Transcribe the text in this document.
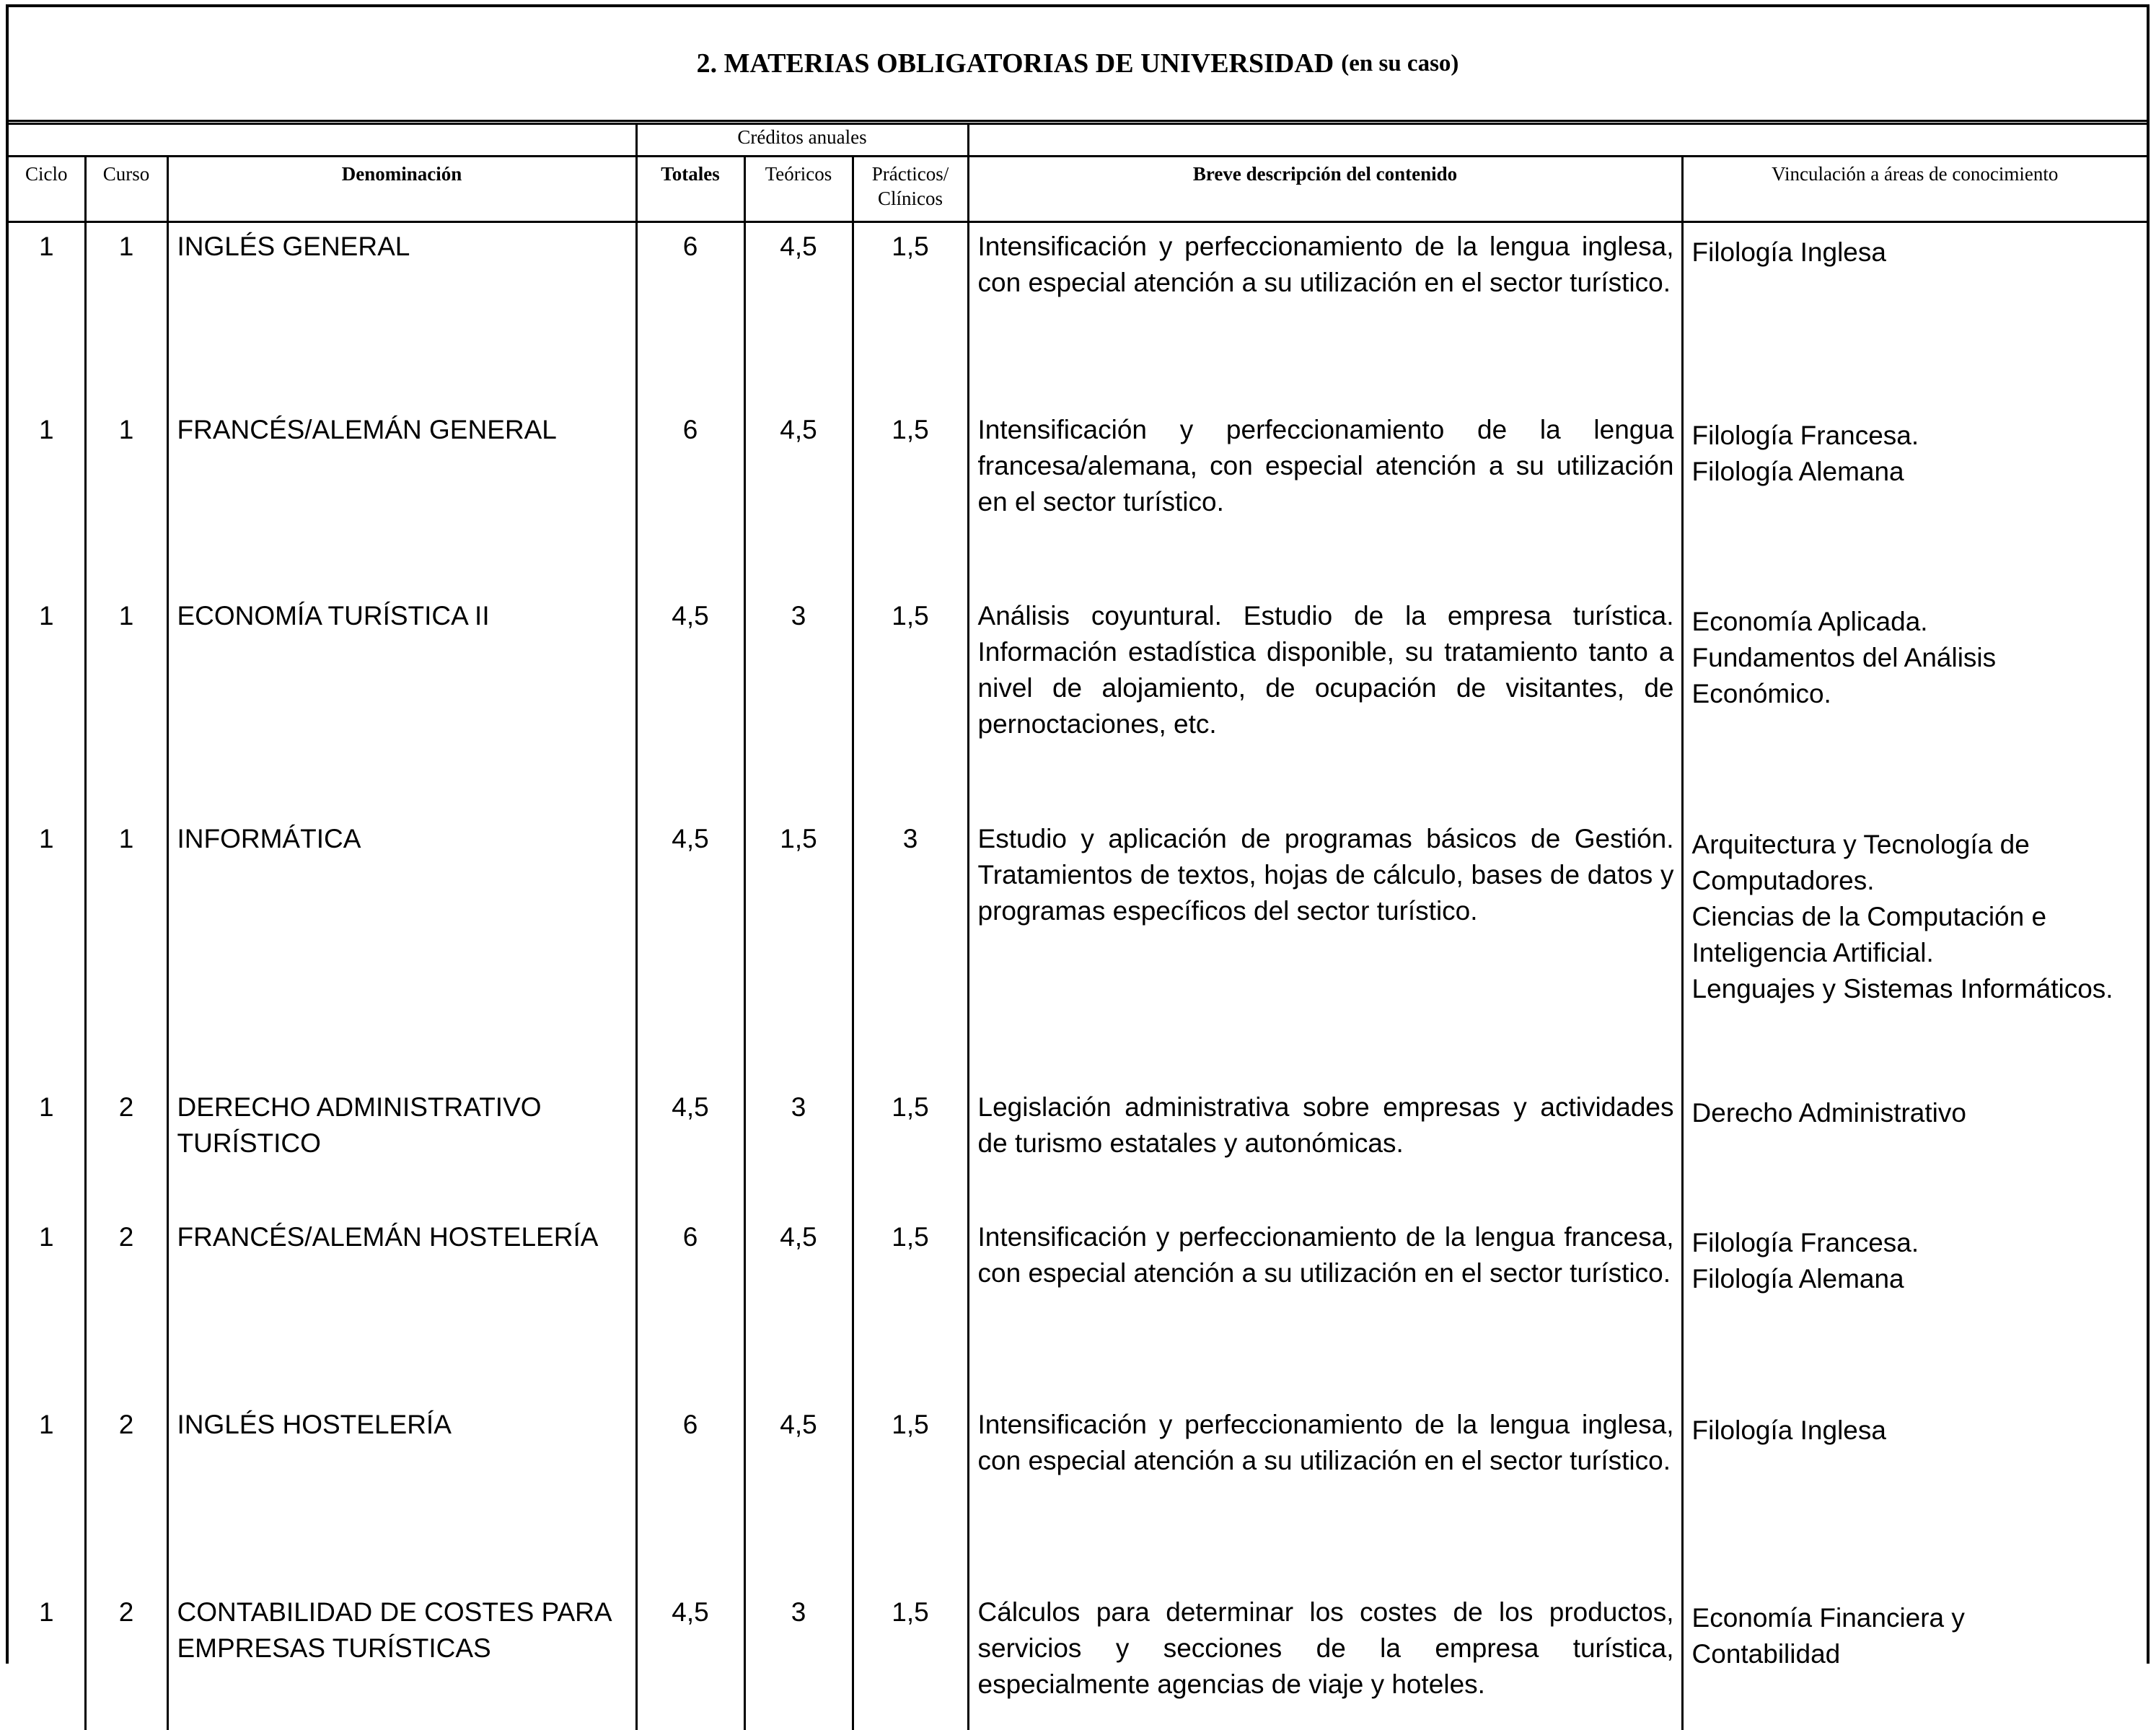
2. MATERIAS OBLIGATORIAS DE UNIVERSIDAD (en su caso)
			Créditos anuales				
Ciclo	Curso	Denominación	Totales	Teóricos	Prácticos/ Clínicos	Breve descripción del contenido	Vinculación a áreas de conocimiento
1	1	INGLÉS GENERAL	6	4,5	1,5	Intensificación y perfeccionamiento de la lengua inglesa, con especial atención a su utilización en el sector turístico.	Filología Inglesa

1	1	FRANCÉS/ALEMÁN GENERAL	6	4,5	1,5	Intensificación y perfeccionamiento de la lengua francesa/alemana, con especial atención a su utilización en el sector turístico.	Filología Francesa.
Filología Alemana

1	1	ECONOMÍA TURÍSTICA II	4,5	3	1,5	Análisis coyuntural. Estudio de la empresa turística. Información estadística disponible, su tratamiento tanto a nivel de alojamiento, de ocupación de visitantes, de pernoctaciones, etc.	Economía Aplicada.
Fundamentos del Análisis
Económico.

1	1	INFORMÁTICA	4,5	1,5	3	Estudio y aplicación de programas básicos de Gestión. Tratamientos de textos, hojas de cálculo, bases de datos y programas específicos del sector turístico.	Arquitectura y Tecnología de
Computadores.
Ciencias de la Computación e
Inteligencia Artificial.
Lenguajes y Sistemas Informáticos.

1	2	DERECHO ADMINISTRATIVO TURÍSTICO	4,5	3	1,5	Legislación administrativa sobre empresas y actividades de turismo estatales y autonómicas.	Derecho Administrativo

1	2	FRANCÉS/ALEMÁN HOSTELERÍA	6	4,5	1,5	Intensificación y perfeccionamiento de la lengua francesa, con especial atención a su utilización en el sector turístico.	Filología Francesa.
Filología Alemana

1	2	INGLÉS HOSTELERÍA	6	4,5	1,5	Intensificación y perfeccionamiento de la lengua inglesa, con especial atención a su utilización en el sector turístico.	Filología Inglesa

1	2	CONTABILIDAD DE COSTES PARA EMPRESAS TURÍSTICAS	4,5	3	1,5	Cálculos para determinar los costes de los productos, servicios y secciones de la empresa turística, especialmente agencias de viaje y hoteles.	Economía Financiera y
Contabilidad
